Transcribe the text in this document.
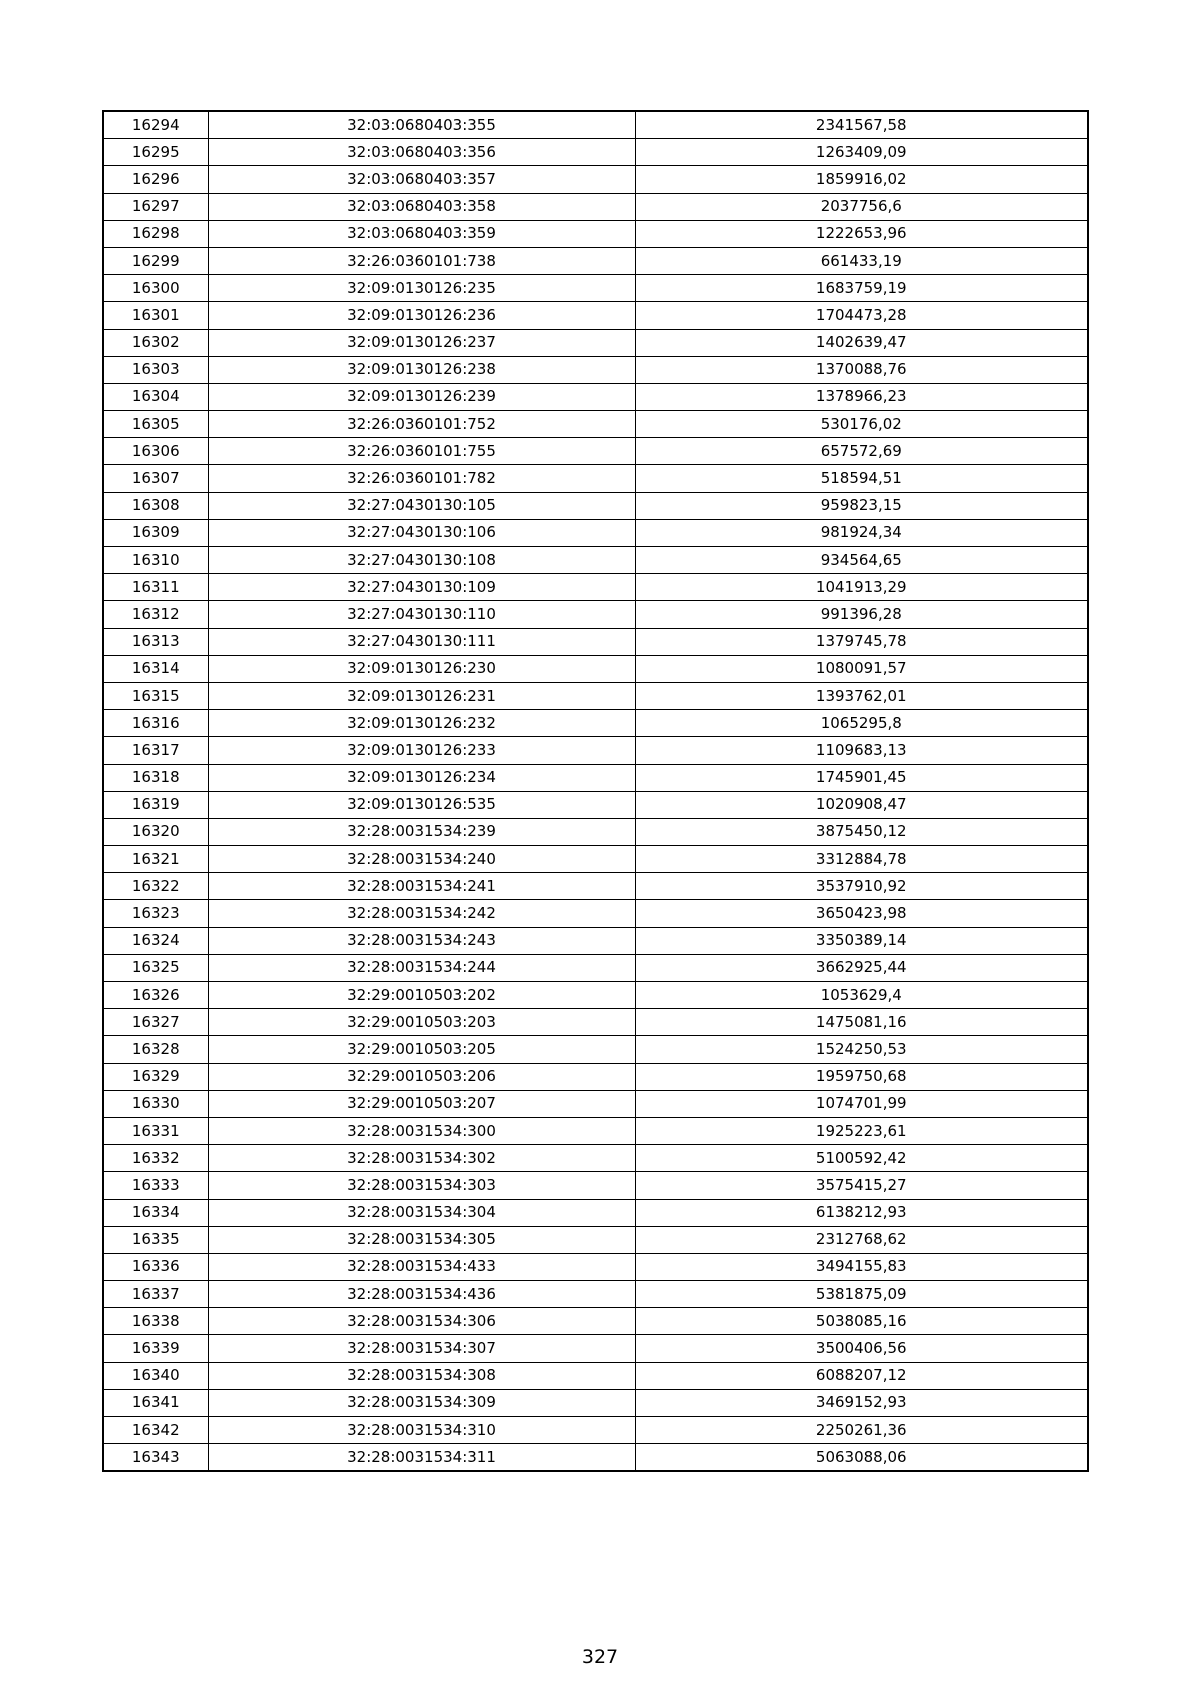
16294	32:03:0680403:355	2341567,58
16295	32:03:0680403:356	1263409,09
16296	32:03:0680403:357	1859916,02
16297	32:03:0680403:358	2037756,6
16298	32:03:0680403:359	1222653,96
16299	32:26:0360101:738	661433,19
16300	32:09:0130126:235	1683759,19
16301	32:09:0130126:236	1704473,28
16302	32:09:0130126:237	1402639,47
16303	32:09:0130126:238	1370088,76
16304	32:09:0130126:239	1378966,23
16305	32:26:0360101:752	530176,02
16306	32:26:0360101:755	657572,69
16307	32:26:0360101:782	518594,51
16308	32:27:0430130:105	959823,15
16309	32:27:0430130:106	981924,34
16310	32:27:0430130:108	934564,65
16311	32:27:0430130:109	1041913,29
16312	32:27:0430130:110	991396,28
16313	32:27:0430130:111	1379745,78
16314	32:09:0130126:230	1080091,57
16315	32:09:0130126:231	1393762,01
16316	32:09:0130126:232	1065295,8
16317	32:09:0130126:233	1109683,13
16318	32:09:0130126:234	1745901,45
16319	32:09:0130126:535	1020908,47
16320	32:28:0031534:239	3875450,12
16321	32:28:0031534:240	3312884,78
16322	32:28:0031534:241	3537910,92
16323	32:28:0031534:242	3650423,98
16324	32:28:0031534:243	3350389,14
16325	32:28:0031534:244	3662925,44
16326	32:29:0010503:202	1053629,4
16327	32:29:0010503:203	1475081,16
16328	32:29:0010503:205	1524250,53
16329	32:29:0010503:206	1959750,68
16330	32:29:0010503:207	1074701,99
16331	32:28:0031534:300	1925223,61
16332	32:28:0031534:302	5100592,42
16333	32:28:0031534:303	3575415,27
16334	32:28:0031534:304	6138212,93
16335	32:28:0031534:305	2312768,62
16336	32:28:0031534:433	3494155,83
16337	32:28:0031534:436	5381875,09
16338	32:28:0031534:306	5038085,16
16339	32:28:0031534:307	3500406,56
16340	32:28:0031534:308	6088207,12
16341	32:28:0031534:309	3469152,93
16342	32:28:0031534:310	2250261,36
16343	32:28:0031534:311	5063088,06
327
